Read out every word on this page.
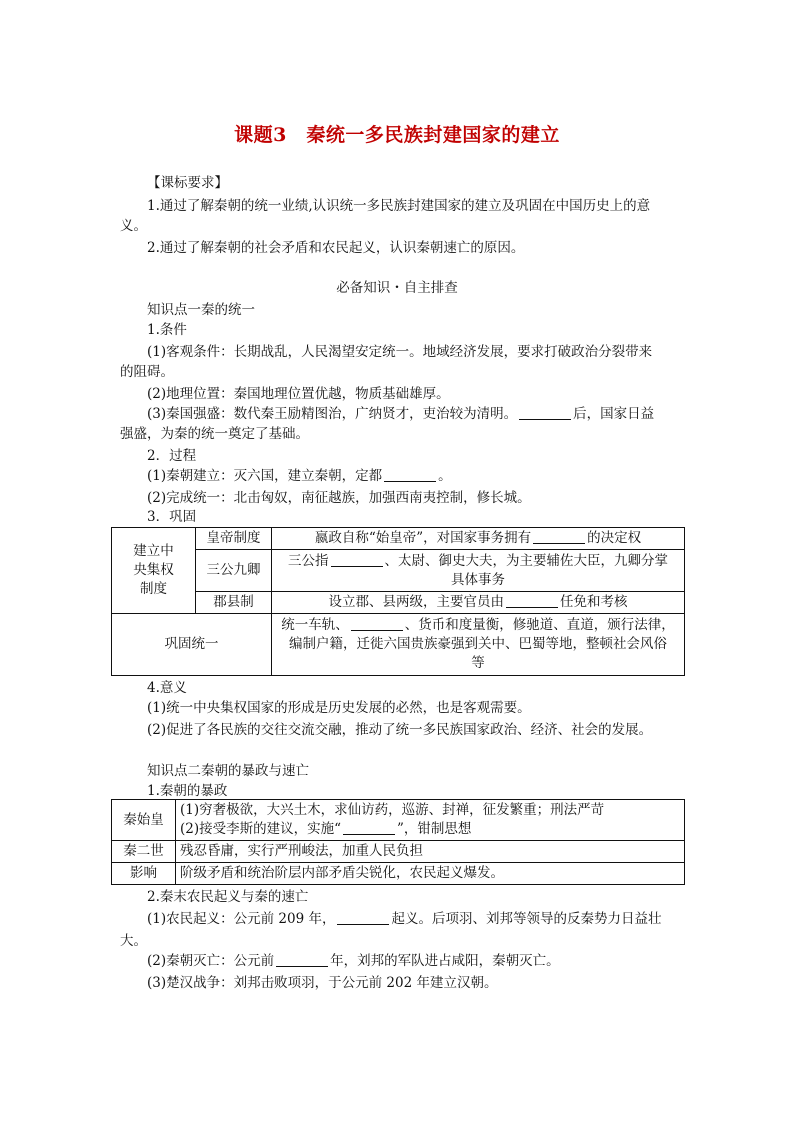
课题3　秦统一多民族封建国家的建立
【课标要求】
1.通过了解秦朝的统一业绩,认识统一多民族封建国家的建立及巩固在中国历史上的意
义。
2.通过了解秦朝的社会矛盾和农民起义，认识秦朝速亡的原因。
必备知识・自主排查
知识点一秦的统一
1.条件
(1)客观条件：长期战乱，人民渴望安定统一。地域经济发展，要求打破政治分裂带来
的阻碍。
(2)地理位置：秦国地理位置优越，物质基础雄厚。
(3)秦国强盛：数代秦王励精图治，广纳贤才，吏治较为清明。	后，国家日益
强盛，为秦的统一奠定了基础。
2．过程
(1)秦朝建立：灭六国，建立秦朝，定都	。
(2)完成统一：北击匈奴，南征越族，加强西南夷控制，修长城。
3．巩固
建立中
央集权
制度	皇帝制度	嬴政自称“始皇帝”，对国家事务拥有 的决定权
	三公九卿	三公指 、太尉、御史大夫，为主要辅佐大臣，九卿分掌
具体事务

	郡县制	设立郡、县两级，主要官员由 任免和考核
巩固统一		统一车轨、 、货币和度量衡，修驰道、直道，颁行法律，
编制户籍，迁徙六国贵族豪强到关中、巴蜀等地，整顿社会风俗
等
4.意义
(1)统一中央集权国家的形成是历史发展的必然，也是客观需要。
(2)促进了各民族的交往交流交融，推动了统一多民族国家政治、经济、社会的发展。
知识点二秦朝的暴政与速亡
1.秦朝的暴政
秦始皇	(1)穷奢极欲，大兴土木，求仙访药，巡游、封禅，征发繁重；刑法严苛
(2)接受李斯的建议，实施“ ”，钳制思想

秦二世	残忍昏庸，实行严刑峻法，加重人民负担
影响	阶级矛盾和统治阶层内部矛盾尖锐化，农民起义爆发。
2.秦末农民起义与秦的速亡
(1)农民起义：公元前 209 年，	起义。后项羽、刘邦等领导的反秦势力日益壮
大。
(2)秦朝灭亡：公元前	年，刘邦的军队进占咸阳，秦朝灭亡。
(3)楚汉战争：刘邦击败项羽，于公元前 202 年建立汉朝。
